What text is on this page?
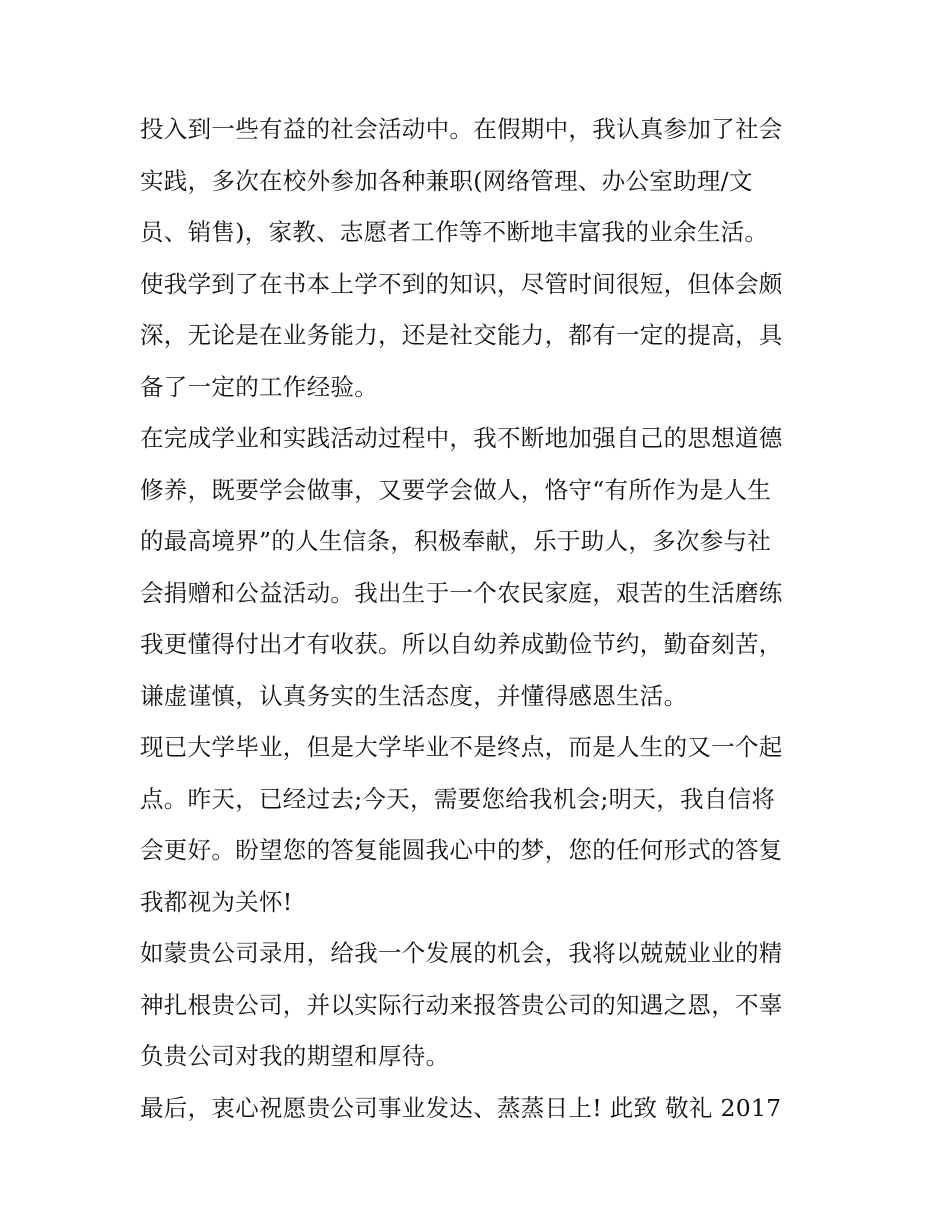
投入到一些有益的社会活动中。在假期中，我认真参加了社会
实践，多次在校外参加各种兼职(网络管理、办公室助理/文
员、销售)，家教、志愿者工作等不断地丰富我的业余生活。
使我学到了在书本上学不到的知识，尽管时间很短，但体会颇
深，无论是在业务能力，还是社交能力，都有一定的提高，具
备了一定的工作经验。
在完成学业和实践活动过程中，我不断地加强自己的思想道德
修养，既要学会做事，又要学会做人，恪守“有所作为是人生
的最高境界”的人生信条，积极奉献，乐于助人，多次参与社
会捐赠和公益活动。我出生于一个农民家庭，艰苦的生活磨练
我更懂得付出才有收获。所以自幼养成勤俭节约，勤奋刻苦，
谦虚谨慎，认真务实的生活态度，并懂得感恩生活。
现已大学毕业，但是大学毕业不是终点，而是人生的又一个起
点。昨天，已经过去;今天，需要您给我机会;明天，我自信将
会更好。盼望您的答复能圆我心中的梦，您的任何形式的答复
我都视为关怀!
如蒙贵公司录用，给我一个发展的机会，我将以兢兢业业的精
神扎根贵公司，并以实际行动来报答贵公司的知遇之恩，不辜
负贵公司对我的期望和厚待。
最后，衷心祝愿贵公司事业发达、蒸蒸日上! 此致 敬礼 2017
